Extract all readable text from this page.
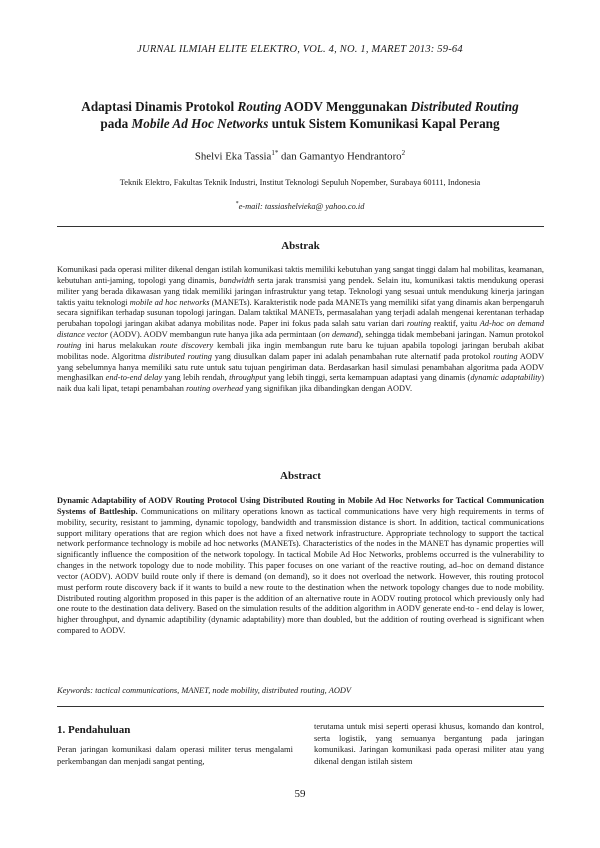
JURNAL ILMIAH ELITE ELEKTRO, VOL. 4, NO. 1, MARET 2013: 59-64
Adaptasi Dinamis Protokol Routing AODV Menggunakan Distributed Routing
pada Mobile Ad Hoc Networks untuk Sistem Komunikasi Kapal Perang
Shelvi Eka Tassia$^{1*}$ dan Gamantyo Hendrantoro$^2$
Teknik Elektro, Fakultas Teknik Industri, Institut Teknologi Sepuluh Nopember, Surabaya 60111, Indonesia
*e-mail: tassiashelvieka@ yahoo.co.id
Abstrak
Komunikasi pada operasi militer dikenal dengan istilah komunikasi taktis memiliki kebutuhan yang sangat tinggi dalam hal mobilitas, keamanan, kebutuhan anti-jaming, topologi yang dinamis, bandwidth serta jarak transmisi yang pendek. Selain itu, komunikasi taktis mendukung operasi militer yang berada dikawasan yang tidak memiliki jaringan infrastruktur yang tetap. Teknologi yang sesuai untuk mendukung kinerja jaringan taktis yaitu teknologi mobile ad hoc networks (MANETs). Karakteristik node pada MANETs yang memiliki sifat yang dinamis akan berpengaruh secara signifikan terhadap susunan topologi jaringan. Dalam taktikal MANETs, permasalahan yang terjadi adalah mengenai kerentanan terhadap perubahan topologi jaringan akibat adanya mobilitas node. Paper ini fokus pada salah satu varian dari routing reaktif, yaitu Ad-hoc on demand distance vector (AODV). AODV membangun rute hanya jika ada permintaan (on demand), sehingga tidak membebani jaringan. Namun protokol routing ini harus melakukan route discovery kembali jika ingin membangun rute baru ke tujuan apabila topologi jaringan berubah akibat mobilitas node. Algoritma distributed routing yang diusulkan dalam paper ini adalah penambahan rute alternatif pada protokol routing AODV yang sebelumnya hanya memiliki satu rute untuk satu tujuan pengiriman data. Berdasarkan hasil simulasi penambahan algoritma pada AODV menghasilkan end-to-end delay yang lebih rendah, throughput yang lebih tinggi, serta kemampuan adaptasi yang dinamis (dynamic adaptability) naik dua kali lipat, tetapi penambahan routing overhead yang signifikan jika dibandingkan dengan AODV.
Abstract
Dynamic Adaptability of AODV Routing Protocol Using Distributed Routing in Mobile Ad Hoc Networks for Tactical Communication Systems of Battleship. Communications on military operations known as tactical communications have very high requirements in terms of mobility, security, resistant to jamming, dynamic topology, bandwidth and transmission distance is short. In addition, tactical communications support military operations that are region which does not have a fixed network infrastructure. Appropriate technology to support the tactical network performance technology is mobile ad hoc networks (MANETs). Characteristics of the nodes in the MANET has dynamic properties will significantly influence the composition of the network topology. In tactical Mobile Ad Hoc Networks, problems occurred is the vulnerability to changes in the network topology due to node mobility. This paper focuses on one variant of the reactive routing, ad–hoc on demand distance vector (AODV). AODV build route only if there is demand (on demand), so it does not overload the network. However, this routing protocol must perform route discovery back if it wants to build a new route to the destination when the network topology changes due to node mobility. Distributed routing algorithm proposed in this paper is the addition of an alternative route in AODV routing protocol which previously only had one route to the destination data delivery. Based on the simulation results of the addition algorithm in AODV generate end-to - end delay is lower, higher throughput, and dynamic adaptibility (dynamic adaptability) more than doubled, but the addition of routing overhead is significant when compared to AODV.
Keywords: tactical communications, MANET, node mobility, distributed routing, AODV
1. Pendahuluan
Peran jaringan komunikasi dalam operasi militer terus mengalami perkembangan dan menjadi sangat penting,
terutama untuk misi seperti operasi khusus, komando dan kontrol, serta logistik, yang semuanya bergantung pada jaringan komunikasi. Jaringan komunikasi pada operasi militer atau yang dikenal dengan istilah sistem
59
